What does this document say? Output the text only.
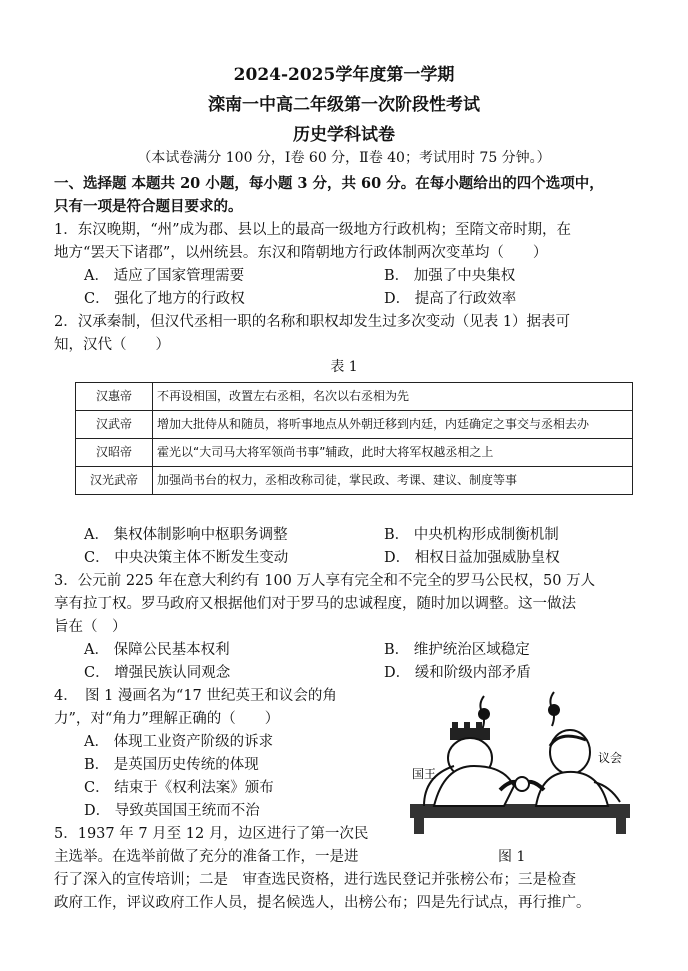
2024-2025学年度第一学期
滦南一中高二年级第一次阶段性考试
历史学科试卷
（本试卷满分 100 分，Ⅰ卷 60 分，Ⅱ卷 40；考试用时 75 分钟。）
一、选择题 本题共 20 小题，每小题 3 分，共 60 分。在每小题给出的四个选项中，
只有一项是符合题目要求的。
1．东汉晚期，“州”成为郡、县以上的最高一级地方行政机构；至隋文帝时期，在
地方“罢天下诸郡”，以州统县。东汉和隋朝地方行政体制两次变革均（　　）
A． 适应了国家管理需要	B． 加强了中央集权
C． 强化了地方的行政权	D． 提高了行政效率
2．汉承秦制，但汉代丞相一职的名称和职权却发生过多次变动（见表 1）据表可
知，汉代（　　）
表 1
汉惠帝	不再设相国，改置左右丞相，名次以右丞相为先
汉武帝	增加大批侍从和随员，将听事地点从外朝迁移到内廷，内廷确定之事交与丞相去办
汉昭帝	霍光以“大司马大将军领尚书事”辅政，此时大将军权越丞相之上
汉光武帝	加强尚书台的权力，丞相改称司徒，掌民政、考课、建议、制度等事
A． 集权体制影响中枢职务调整	B． 中央机构形成制衡机制
C． 中央决策主体不断发生变动	D． 相权日益加强威胁皇权
3．公元前 225 年在意大利约有 100 万人享有完全和不完全的罗马公民权，50 万人
享有拉丁权。罗马政府又根据他们对于罗马的忠诚程度，随时加以调整。这一做法
旨在（　）
A． 保障公民基本权利	B． 维护统治区域稳定
C． 增强民族认同观念	D． 缓和阶级内部矛盾
4．　图 1 漫画名为“17 世纪英王和议会的角
力”，对“角力”理解正确的（　　）
A． 体现工业资产阶级的诉求
B． 是英国历史传统的体现
C． 结束于《权利法案》颁布
D． 导致英国国王统而不治
国王
议会
图 1
5．1937 年 7 月至 12 月，边区进行了第一次民
主选举。在选举前做了充分的准备工作，一是进
行了深入的宣传培训；二是　审查选民资格，进行选民登记并张榜公布；三是检查
政府工作，评议政府工作人员，提名候选人，出榜公布；四是先行试点，再行推广。
